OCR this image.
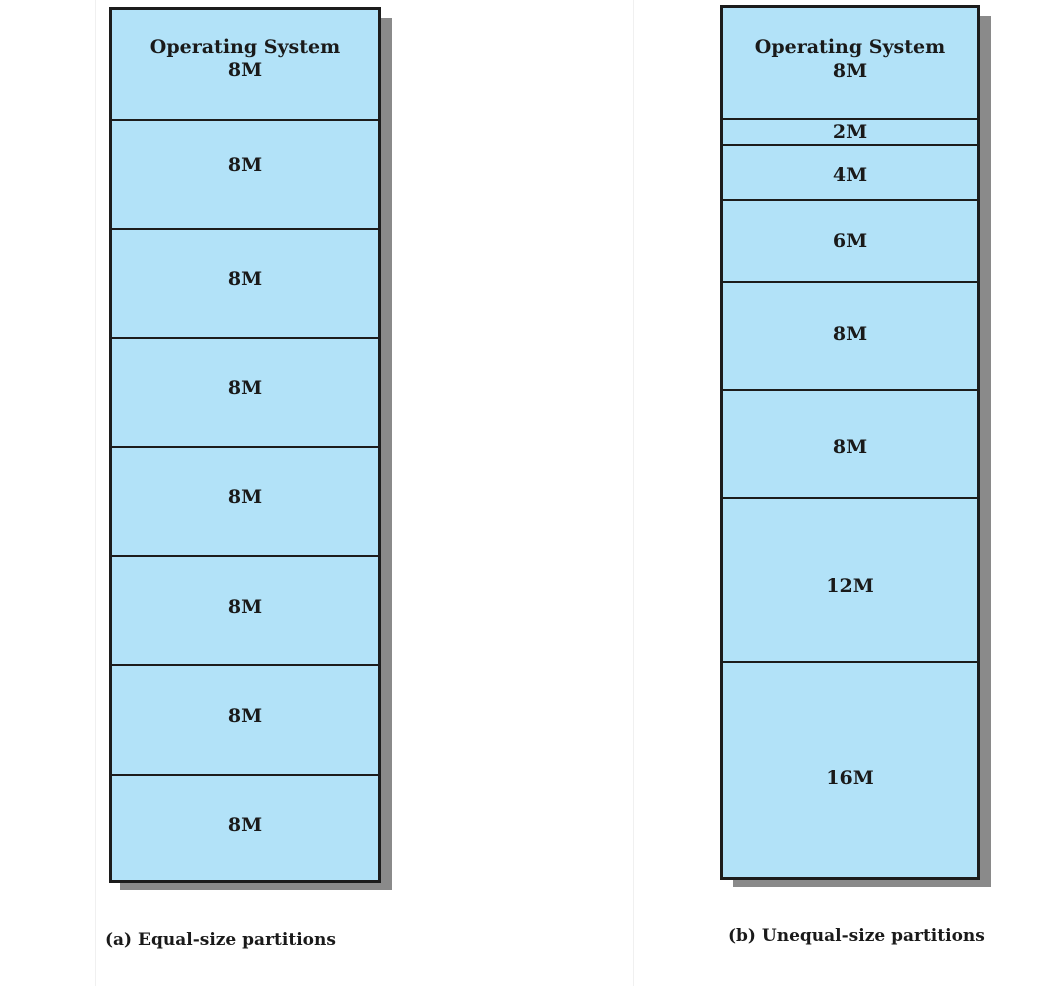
Operating System
8M
8M
8M
8M
8M
8M
8M
8M
(a) Equal-size partitions
Operating System
8M
2M
4M
6M
8M
8M
12M
16M
(b) Unequal-size partitions
